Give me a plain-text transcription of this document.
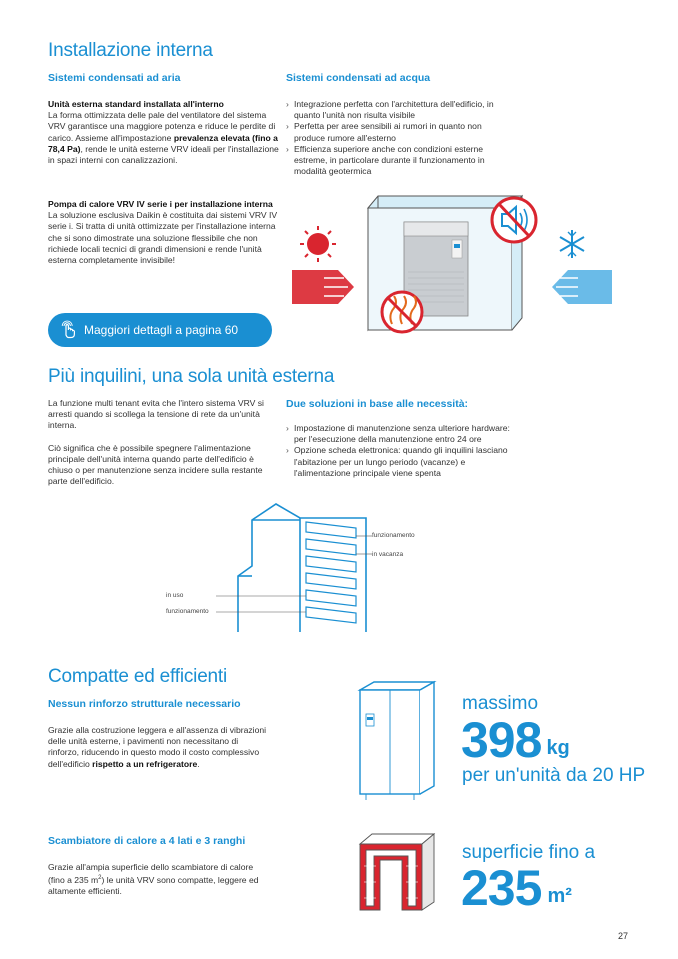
Installazione interna
Sistemi condensati ad aria	Sistemi condensati ad acqua
Unità esterna standard installata all'interno
La forma ottimizzata delle pale del ventilatore del sistema VRV garantisce una maggiore potenza e riduce le perdite di carico. Assieme all'impostazione prevalenza elevata (fino a 78,4 Pa), rende le unità esterne VRV ideali per l'installazione in spazi interni con canalizzazioni.
Pompa di calore VRV IV serie i per installazione interna
La soluzione esclusiva Daikin è costituita dai sistemi VRV IV serie i. Si tratta di unità ottimizzate per l'installazione interna che si sono dimostrate una soluzione flessibile che non richiede locali tecnici di grandi dimensioni e rende l'unità esterna completamente invisibile!
Maggiori dettagli a pagina 60
› Integrazione perfetta con l'architettura dell'edificio, in quanto l'unità non risulta visibile
› Perfetta per aree sensibili ai rumori in quanto non produce rumore all'esterno
› Efficienza superiore anche con condizioni esterne estreme, in particolare durante il funzionamento in modalità geotermica
Più inquilini, una sola unità esterna
La funzione multi tenant evita che l'intero sistema VRV si arresti quando si scollega la tensione di rete da un'unità interna.
Ciò significa che è possibile spegnere l'alimentazione principale dell'unità interna quando parte dell'edificio è chiuso o per manutenzione senza incidere sulla restante parte dell'edificio.
Due soluzioni in base alle necessità:
› Impostazione di manutenzione senza ulteriore hardware: per l'esecuzione della manutenzione entro 24 ore
› Opzione scheda elettronica: quando gli inquilini lasciano l'abitazione per un lungo periodo (vacanze) e l'alimentazione principale viene spenta
funzionamento
in vacanza
in uso
funzionamento
Compatte ed efficienti
Nessun rinforzo strutturale necessario
Grazie alla costruzione leggera e all'assenza di vibrazioni delle unità esterne, i pavimenti non necessitano di rinforzo, riducendo in questo modo il costo complessivo dell'edificio rispetto a un refrigeratore.
massimo
398 kg
per un'unità da 20 HP
Scambiatore di calore a 4 lati e 3 ranghi
Grazie all'ampia superficie dello scambiatore di calore (fino a 235 $m^2$) le unità VRV sono compatte, leggere ed altamente efficienti.
superficie fino a
235 m²
27
